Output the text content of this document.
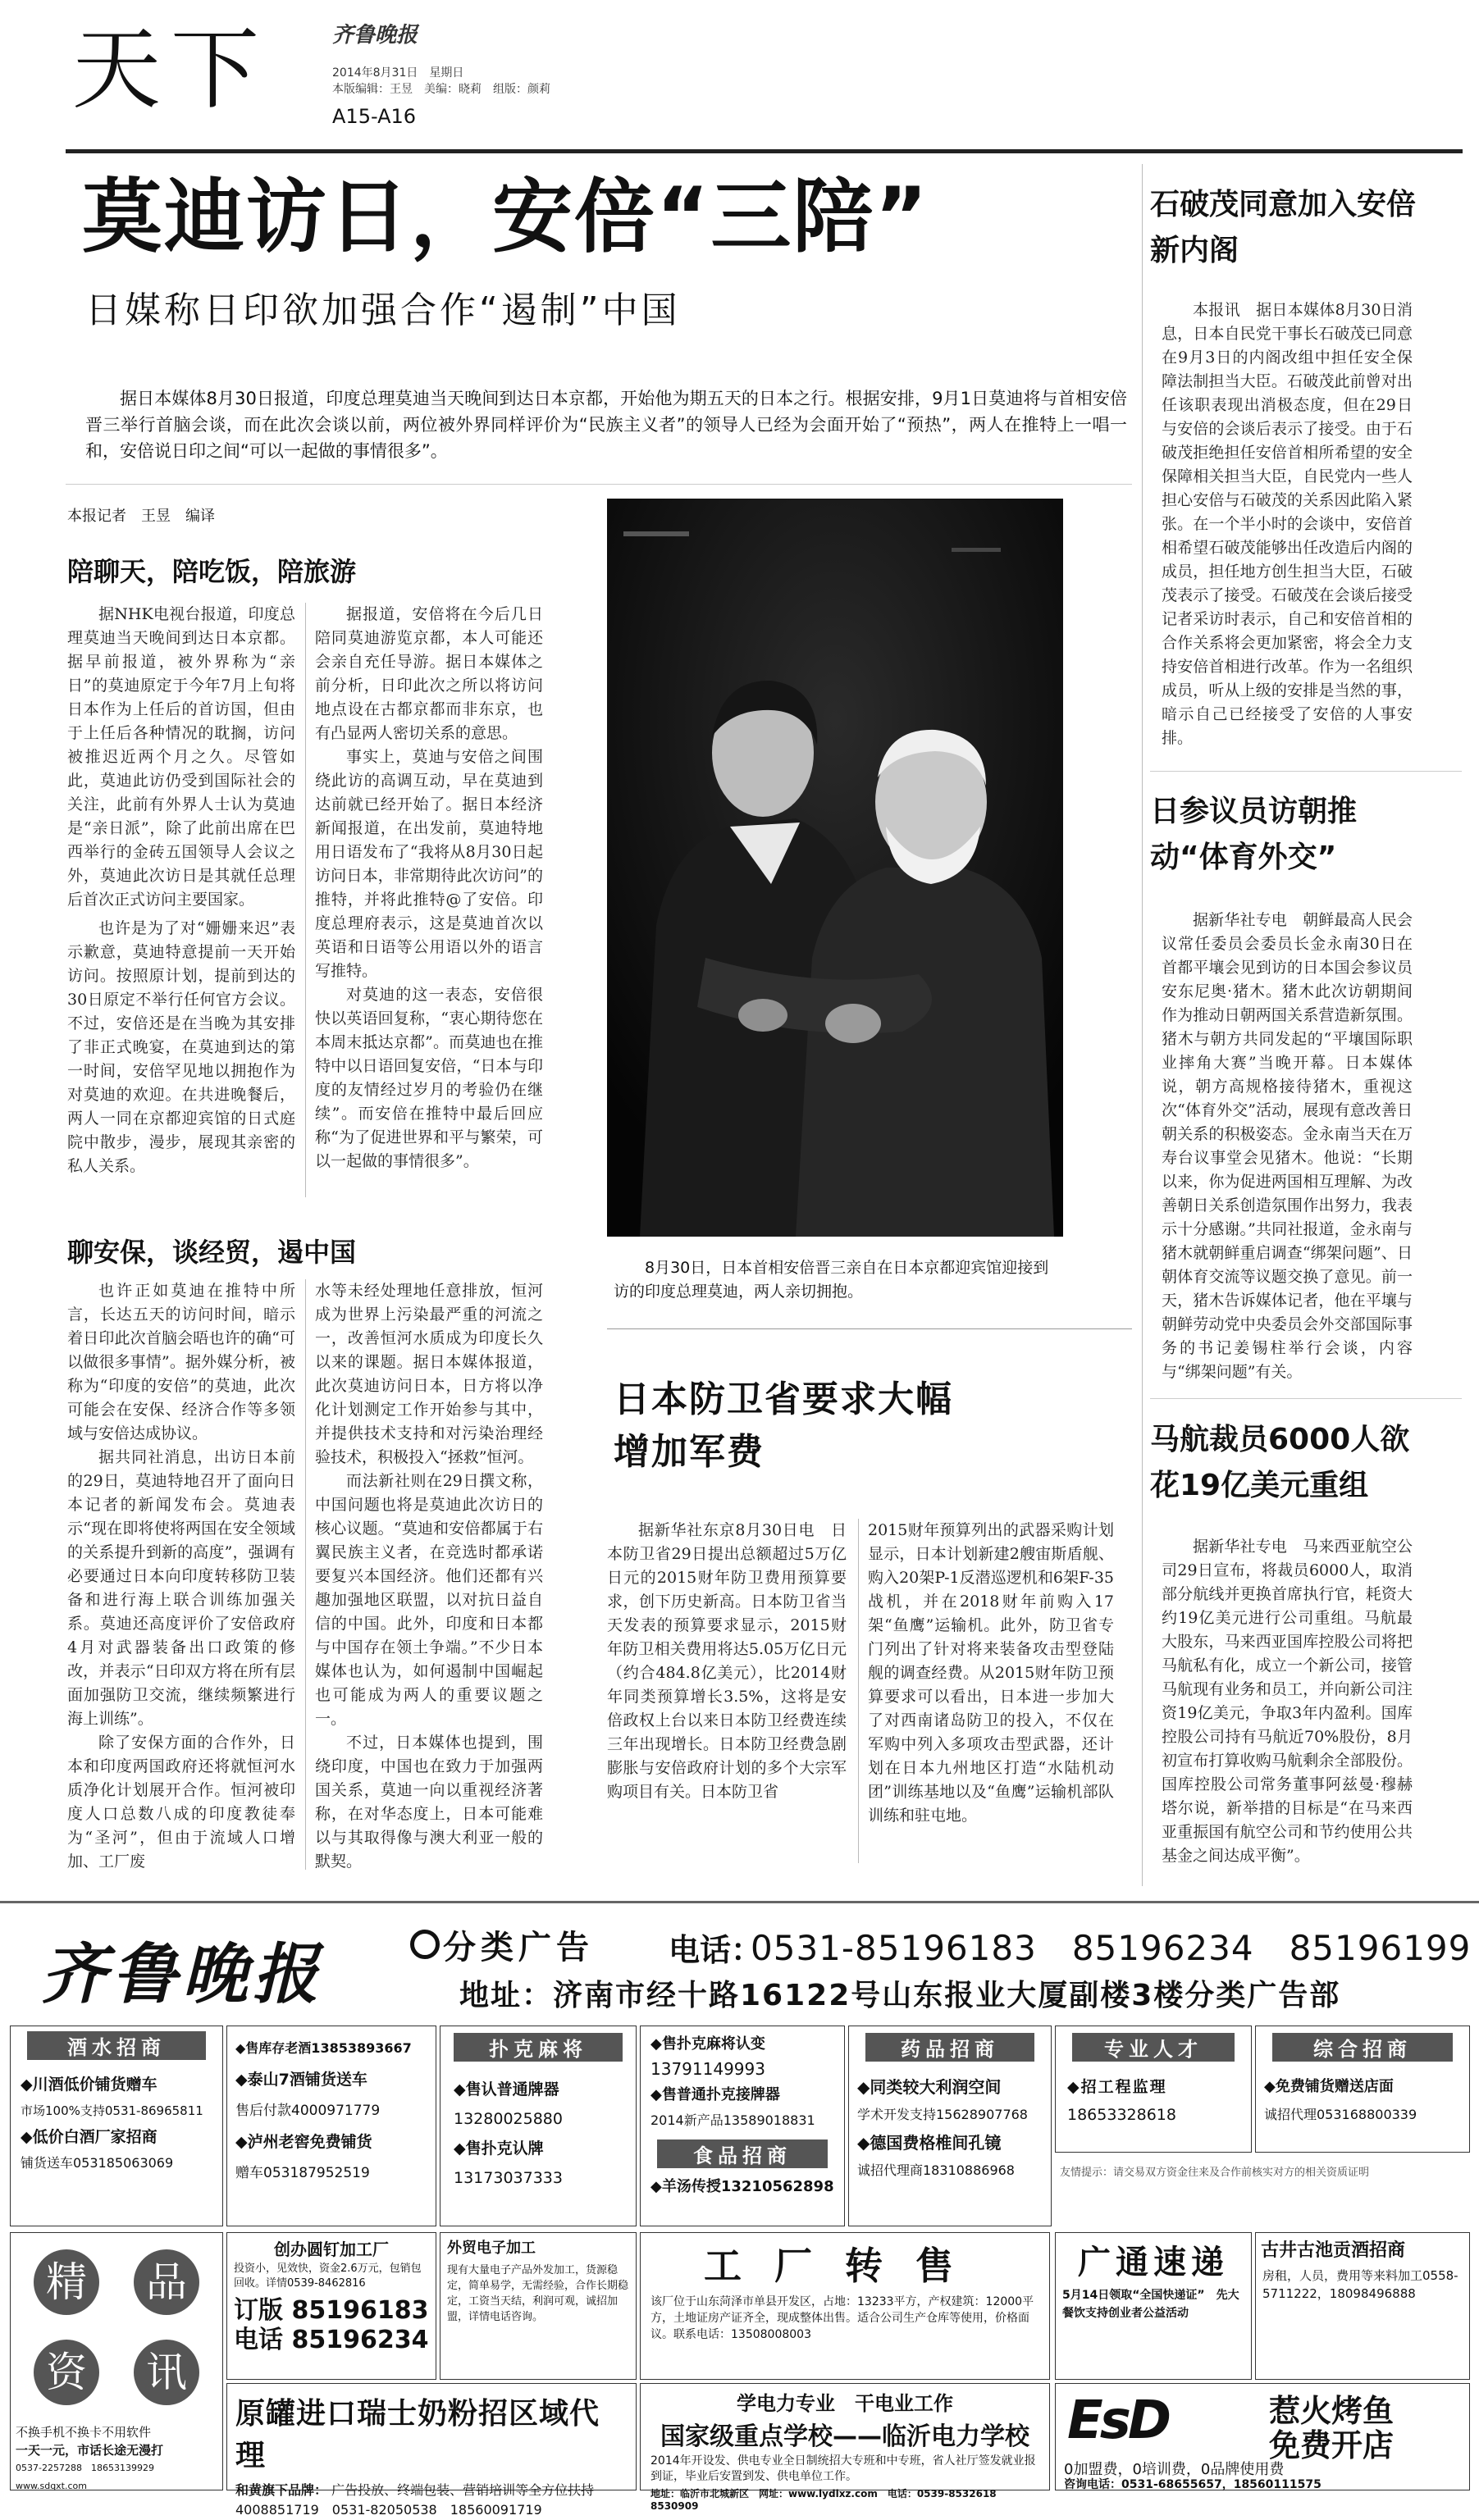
天下	齐鲁晚报
2014年8月31日　星期日
本版编辑：王昱　美编：晓莉　组版：颜莉
A15-A16
莫迪访日，安倍“三陪”
日媒称日印欲加强合作“遏制”中国
据日本媒体8月30日报道，印度总理莫迪当天晚间到达日本京都，开始他为期五天的日本之行。根据安排，9月1日莫迪将与首相安倍晋三举行首脑会谈，而在此次会谈以前，两位被外界同样评价为“民族主义者”的领导人已经为会面开始了“预热”，两人在推特上一唱一和，安倍说日印之间“可以一起做的事情很多”。
本报记者　王昱　编译
陪聊天，陪吃饭，陪旅游

据NHK电视台报道，印度总理莫迪当天晚间到达日本京都。据早前报道，被外界称为“亲日”的莫迪原定于今年7月上旬将日本作为上任后的首访国，但由于上任后各种情况的耽搁，访问被推迟近两个月之久。尽管如此，莫迪此访仍受到国际社会的关注，此前有外界人士认为莫迪是“亲日派”，除了此前出席在巴西举行的金砖五国领导人会议之外，莫迪此次访日是其就任总理后首次正式访问主要国家。

也许是为了对“姗姗来迟”表示歉意，莫迪特意提前一天开始访问。按照原计划，提前到达的30日原定不举行任何官方会议。不过，安倍还是在当晚为其安排了非正式晚宴，在莫迪到达的第一时间，安倍罕见地以拥抱作为对莫迪的欢迎。在共进晚餐后，两人一同在京都迎宾馆的日式庭院中散步，漫步，展现其亲密的私人关系。

据报道，安倍将在今后几日陪同莫迪游览京都，本人可能还会亲自充任导游。据日本媒体之前分析，日印此次之所以将访问地点设在古都京都而非东京，也有凸显两人密切关系的意思。

事实上，莫迪与安倍之间围绕此访的高调互动，早在莫迪到达前就已经开始了。据日本经济新闻报道，在出发前，莫迪特地用日语发布了“我将从8月30日起访问日本，非常期待此次访问”的推特，并将此推特@了安倍。印度总理府表示，这是莫迪首次以英语和日语等公用语以外的语言写推特。

对莫迪的这一表态，安倍很快以英语回复称，“衷心期待您在本周末抵达京都”。而莫迪也在推特中以日语回复安倍，“日本与印度的友情经过岁月的考验仍在继续”。而安倍在推特中最后回应称“为了促进世界和平与繁荣，可以一起做的事情很多”。

聊安保，谈经贸，遏中国

也许正如莫迪在推特中所言，长达五天的访问时间，暗示着日印此次首脑会晤也许的确“可以做很多事情”。据外媒分析，被称为“印度的安倍”的莫迪，此次可能会在安保、经济合作等多领域与安倍达成协议。

据共同社消息，出访日本前的29日，莫迪特地召开了面向日本记者的新闻发布会。莫迪表示“现在即将使将两国在安全领域的关系提升到新的高度”，强调有必要通过日本向印度转移防卫装备和进行海上联合训练加强关系。莫迪还高度评价了安倍政府4月对武器装备出口政策的修改，并表示“日印双方将在所有层面加强防卫交流，继续频繁进行海上训练”。

除了安保方面的合作外，日本和印度两国政府还将就恒河水质净化计划展开合作。恒河被印度人口总数八成的印度教徒奉为“圣河”，但由于流域人口增加、工厂废

水等未经处理地任意排放，恒河成为世界上污染最严重的河流之一，改善恒河水质成为印度长久以来的课题。据日本媒体报道，此次莫迪访问日本，日方将以净化计划测定工作开始参与其中，并提供技术支持和对污染治理经验技术，积极投入“拯救”恒河。

而法新社则在29日撰文称，中国问题也将是莫迪此次访日的核心议题。“莫迪和安倍都属于右翼民族主义者，在竞选时都承诺要复兴本国经济。他们还都有兴趣加强地区联盟，以对抗日益自信的中国。此外，印度和日本都与中国存在领土争端。”不少日本媒体也认为，如何遏制中国崛起也可能成为两人的重要议题之一。

不过，日本媒体也提到，围绕印度，中国也在致力于加强两国关系，莫迪一向以重视经济著称，在对华态度上，日本可能难以与其取得像与澳大利亚一般的默契。

8月30日，日本首相安倍晋三亲自在日本京都迎宾馆迎接到访的印度总理莫迪，两人亲切拥抱。
日本防卫省要求大幅增加军费

据新华社东京8月30日电　日本防卫省29日提出总额超过5万亿日元的2015财年防卫费用预算要求，创下历史新高。日本防卫省当天发表的预算要求显示，2015财年防卫相关费用将达5.05万亿日元（约合484.8亿美元），比2014财年同类预算增长3.5%，这将是安倍政权上台以来日本防卫经费连续三年出现增长。日本防卫经费急剧膨胀与安倍政府计划的多个大宗军购项目有关。日本防卫省

2015财年预算列出的武器采购计划显示，日本计划新建2艘宙斯盾舰、购入20架P-1反潜巡逻机和6架F-35战机，并在2018财年前购入17架“鱼鹰”运输机。此外，防卫省专门列出了针对将来装备攻击型登陆舰的调查经费。从2015财年防卫预算要求可以看出，日本进一步加大了对西南诸岛防卫的投入，不仅在军购中列入多项攻击型武器，还计划在日本九州地区打造“水陆机动团”训练基地以及“鱼鹰”运输机部队训练和驻屯地。

石破茂同意加入安倍新内阁

本报讯　据日本媒体8月30日消息，日本自民党干事长石破茂已同意在9月3日的内阁改组中担任安全保障法制担当大臣。石破茂此前曾对出任该职表现出消极态度，但在29日与安倍的会谈后表示了接受。由于石破茂拒绝担任安倍首相所希望的安全保障相关担当大臣，自民党内一些人担心安倍与石破茂的关系因此陷入紧张。在一个半小时的会谈中，安倍首相希望石破茂能够出任改造后内阁的成员，担任地方创生担当大臣，石破茂表示了接受。石破茂在会谈后接受记者采访时表示，自己和安倍首相的合作关系将会更加紧密，将会全力支持安倍首相进行改革。作为一名组织成员，听从上级的安排是当然的事，暗示自己已经接受了安倍的人事安排。

日参议员访朝推动“体育外交”

据新华社专电　朝鲜最高人民会议常任委员会委员长金永南30日在首都平壤会见到访的日本国会参议员安东尼奥·猪木。猪木此次访朝期间作为推动日朝两国关系营造新氛围。猪木与朝方共同发起的“平壤国际职业摔角大赛”当晚开幕。日本媒体说，朝方高规格接待猪木，重视这次“体育外交”活动，展现有意改善日朝关系的积极姿态。金永南当天在万寿台议事堂会见猪木。他说：“长期以来，你为促进两国相互理解、为改善朝日关系创造氛围作出努力，我表示十分感谢。”共同社报道，金永南与猪木就朝鲜重启调查“绑架问题”、日朝体育交流等议题交换了意见。前一天，猪木告诉媒体记者，他在平壤与朝鲜劳动党中央委员会外交部国际事务的书记姜锡柱举行会谈，内容与“绑架问题”有关。

马航裁员6000人欲花19亿美元重组

据新华社专电　马来西亚航空公司29日宣布，将裁员6000人，取消部分航线并更换首席执行官，耗资大约19亿美元进行公司重组。马航最大股东，马来西亚国库控股公司将把马航私有化，成立一个新公司，接管马航现有业务和员工，并向新公司注资19亿美元，争取3年内盈利。国库控股公司持有马航近70%股份，8月初宣布打算收购马航剩余全部股份。国库控股公司常务董事阿兹曼·穆赫塔尔说，新举措的目标是“在马来西亚重振国有航空公司和节约使用公共基金之间达成平衡”。

齐鲁晚报	分类广告 电话：
0531-85196183　85196234　85196199
地址：济南市经十路16122号山东报业大厦副楼3楼分类广告部
酒水招商
◆川酒低价铺货赠车
市场100%支持0531-86965811
◆低价白酒厂家招商
铺货送车053185063069
◆售库存老酒13853893667
◆泰山7酒铺货送车
售后付款4000971779
◆泸州老窖免费铺货
赠车053187952519
扑克麻将
◆售认普通牌器
13280025880
◆售扑克认牌
13173037333
◆售扑克麻将认变
13791149993
◆售普通扑克接牌器
2014新产品13589018831
食品招商
◆羊汤传授13210562898
药品招商
◆同类较大利润空间
学术开发支持15628907768
◆德国费格椎间孔镜
诚招代理商18310886968
专业人才
◆招工程监理
18653328618
综合招商
◆免费铺货赠送店面
诚招代理053168800339
友情提示：请交易双方资金往来及合作前核实对方的相关资质证明
精	品
资	讯
不换手机不换卡不用软件
一天一元，市话长途无漫打
0537-2257288　18653139929　www.sdqxt.com
创办圆钉加工厂
投资小，见效快，资金2.6万元，包销包回收。详情0539-8462816
订版 85196183
电话 85196234
外贸电子加工
现有大量电子产品外发加工，货源稳定，简单易学，无需经验，合作长期稳定，工资当天结，利润可观，诚招加盟，详情电话咨询。
工厂转售
该厂位于山东菏泽市单县开发区，占地：13233平方，产权建筑：12000平方，土地证房产证齐全，现成整体出售。适合公司生产仓库等使用，价格面议。联系电话：13508008003
广通速递
5月14日领取“全国快递证”　先大餐饮支持创业者公益活动
古井古池贡酒招商
房租，人员，费用等来料加工0558-5711222，18098496888
原罐进口瑞士奶粉招区域代理
和黄旗下品牌： 广告投放、终端包装、营销培训等全方位扶持4008851719　0531-82050538　18560091719
学电力专业　干电业工作
国家级重点学校——临沂电力学校
2014年开设发、供电专业全日制统招大专班和中专班，省人社厅签发就业报到证，毕业后安置到发、供电单位工作。
地址：临沂市北城新区　网址：www.lydlxz.com　电话：0539-8532618　8530909
EsD	惹火烤鱼
免费开店
0加盟费，0培训费，0品牌使用费
咨询电话：0531-68655657，18560111575
